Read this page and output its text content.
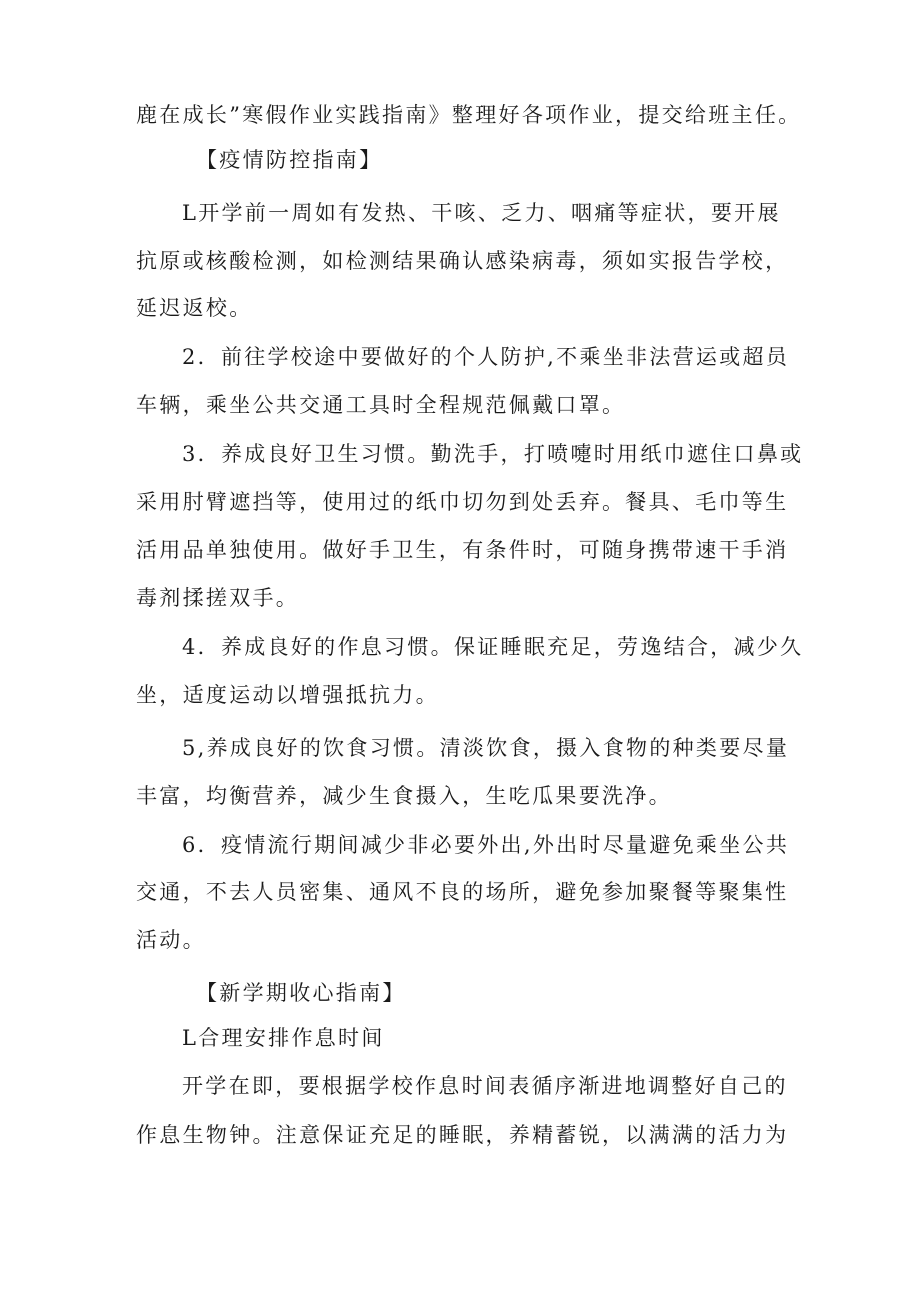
鹿在成长”寒假作业实践指南》整理好各项作业，提交给班主任。
【疫情防控指南】
L开学前一周如有发热、干咳、乏力、咽痛等症状，要开展
抗原或核酸检测，如检测结果确认感染病毒，须如实报告学校，
延迟返校。
2．前往学校途中要做好的个人防护,不乘坐非法营运或超员
车辆，乘坐公共交通工具时全程规范佩戴口罩。
3．养成良好卫生习惯。勤洗手，打喷嚏时用纸巾遮住口鼻或
采用肘臂遮挡等，使用过的纸巾切勿到处丢弃。餐具、毛巾等生
活用品单独使用。做好手卫生，有条件时，可随身携带速干手消
毒剂揉搓双手。
4．养成良好的作息习惯。保证睡眠充足，劳逸结合，减少久
坐，适度运动以增强抵抗力。
5,养成良好的饮食习惯。清淡饮食，摄入食物的种类要尽量
丰富，均衡营养，减少生食摄入，生吃瓜果要洗净。
6．疫情流行期间减少非必要外出,外出时尽量避免乘坐公共
交通，不去人员密集、通风不良的场所，避免参加聚餐等聚集性
活动。
【新学期收心指南】
L合理安排作息时间
开学在即，要根据学校作息时间表循序渐进地调整好自己的
作息生物钟。注意保证充足的睡眠，养精蓄锐，以满满的活力为
